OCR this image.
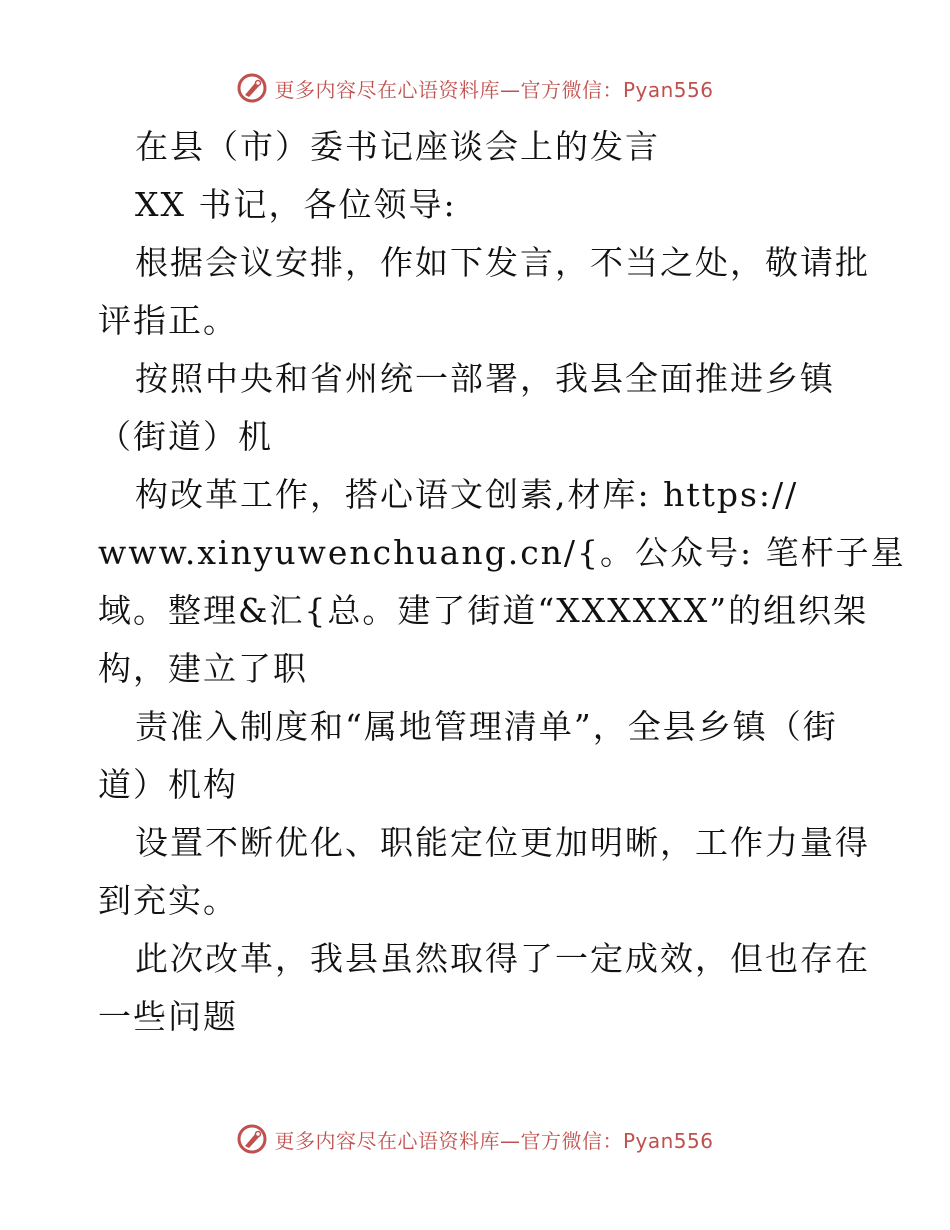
更多内容尽在心语资料库—官方微信：Pyan556
在县（市）委书记座谈会上的发言
XX 书记，各位领导:
根据会议安排，作如下发言，不当之处，敬请批
评指正。
按照中央和省州统一部署，我县全面推进乡镇
（街道）机
构改革工作，搭心语文创素,材库: https://
www.xinyuwenchuang.cn/{。公众号: 笔杆子星
域。整理&汇{总。建了街道“XXXXXX”的组织架
构，建立了职
责准入制度和“属地管理清单”，全县乡镇（街
道）机构
设置不断优化、职能定位更加明晰，工作力量得
到充实。
此次改革，我县虽然取得了一定成效，但也存在
一些问题
更多内容尽在心语资料库—官方微信：Pyan556
